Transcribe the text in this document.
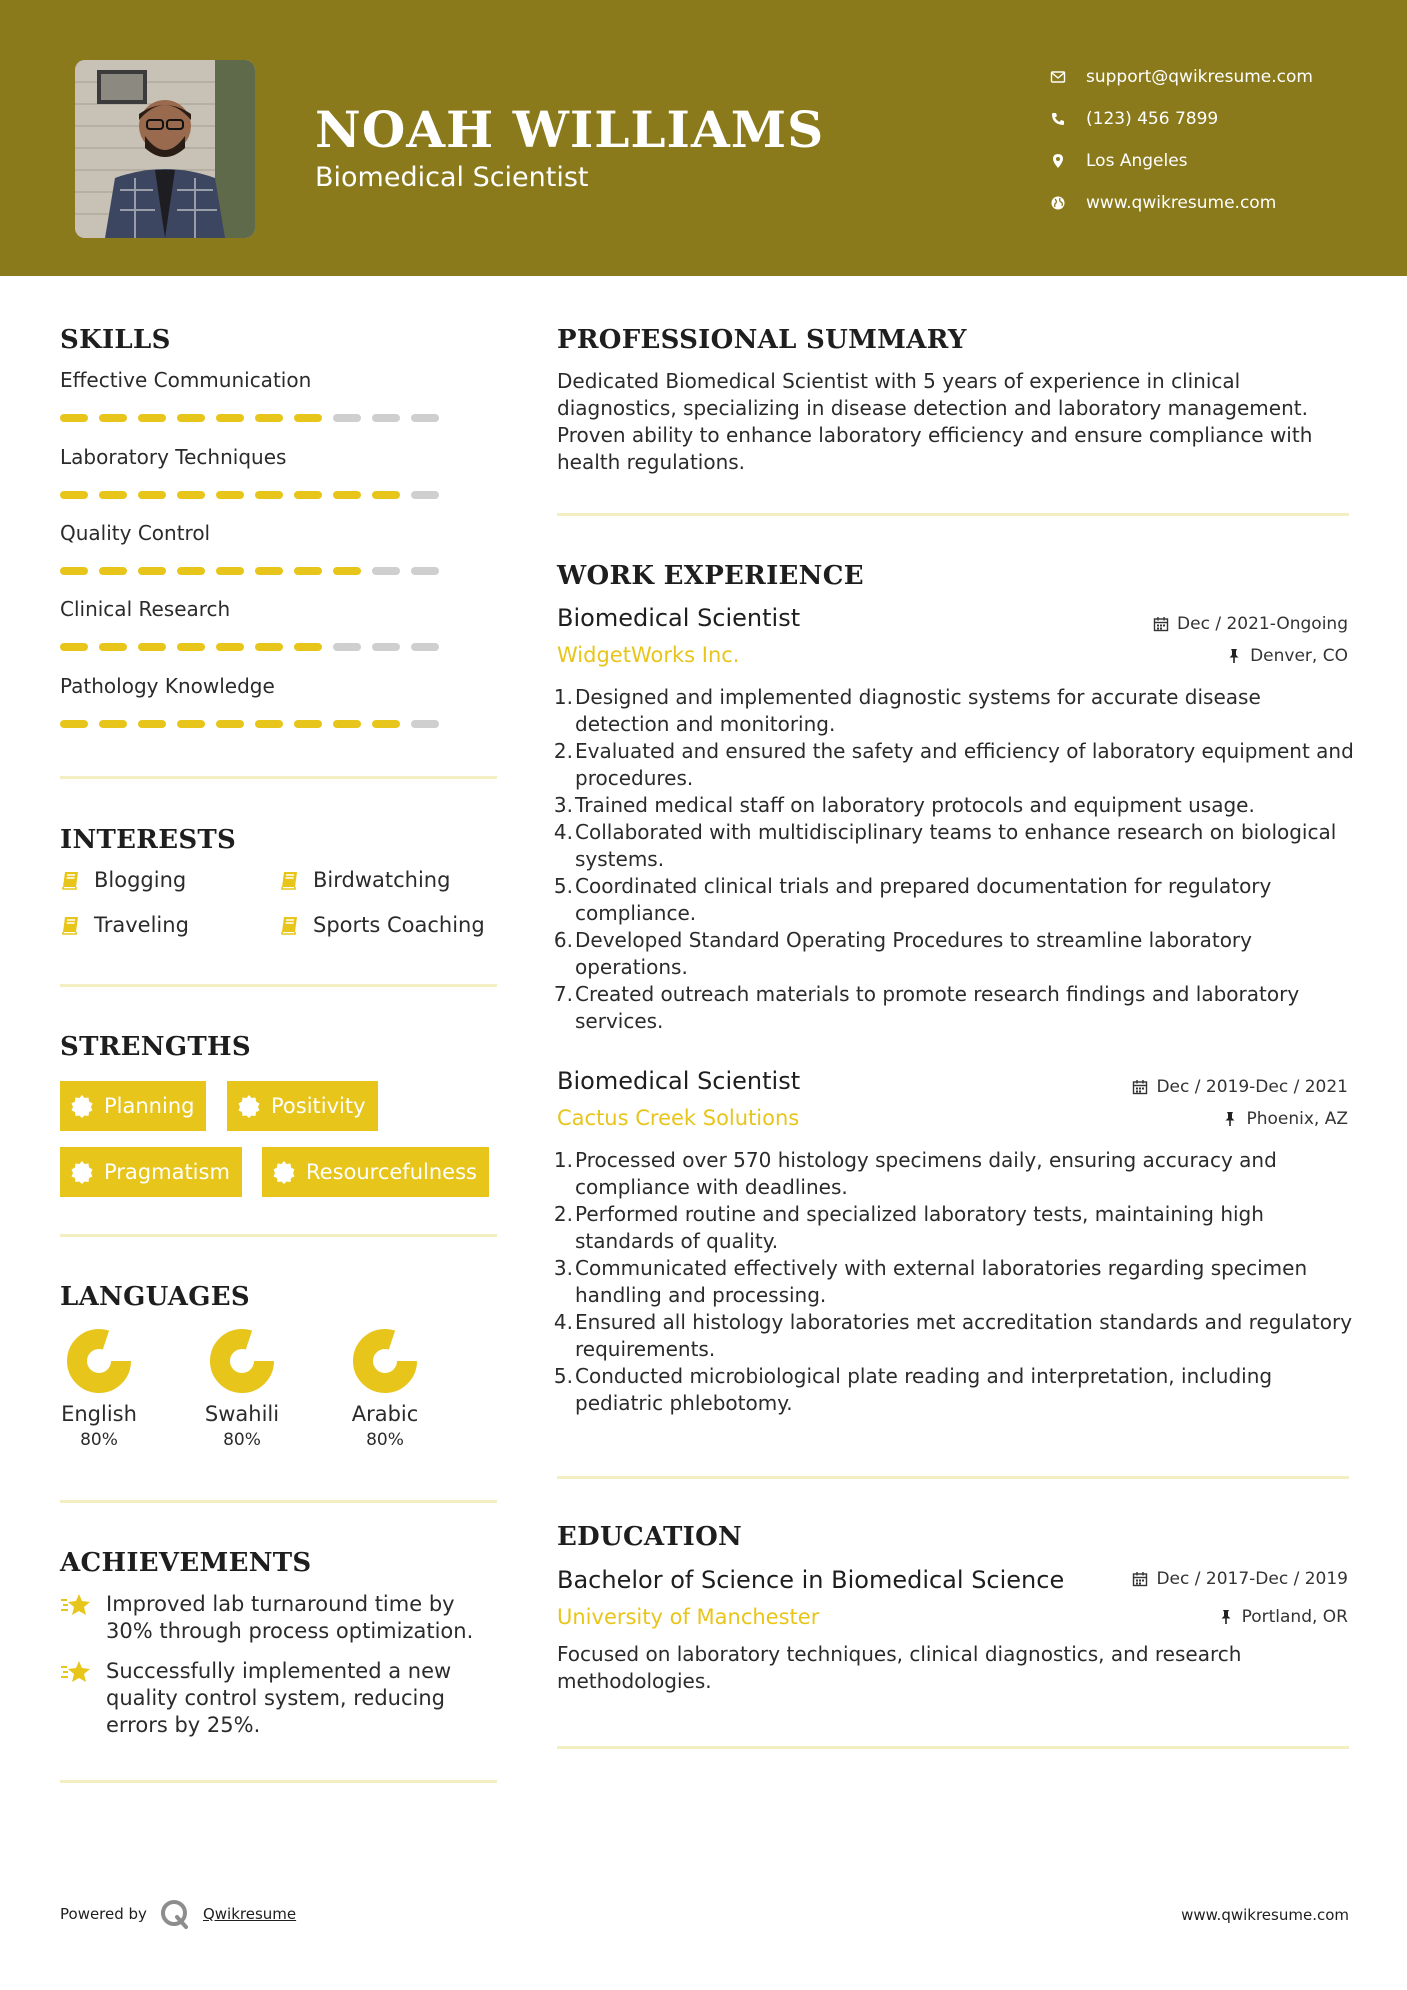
NOAH WILLIAMS
Biomedical Scientist
support@qwikresume.com
(123) 456 7899
Los Angeles
www.qwikresume.com
SKILLS
Effective Communication
Laboratory Techniques
Quality Control
Clinical Research
Pathology Knowledge
INTERESTS
Blogging	Birdwatching
Traveling	Sports Coaching
STRENGTHS
Planning	Positivity
Pragmatism	Resourcefulness
LANGUAGES
English
80%
Swahili
80%
Arabic
80%
ACHIEVEMENTS
Improved lab turnaround time by 30% through process optimization.
Successfully implemented a new quality control system, reducing errors by 25%.
PROFESSIONAL SUMMARY
Dedicated Biomedical Scientist with 5 years of experience in clinical diagnostics, specializing in disease detection and laboratory management. Proven ability to enhance laboratory efficiency and ensure compliance with health regulations.
WORK EXPERIENCE
Biomedical Scientist	Dec / 2021-Ongoing
WidgetWorks Inc.	Denver, CO
1. Designed and implemented diagnostic systems for accurate disease detection and monitoring.
2. Evaluated and ensured the safety and efficiency of laboratory equipment and procedures.
3. Trained medical staff on laboratory protocols and equipment usage.
4. Collaborated with multidisciplinary teams to enhance research on biological systems.
5. Coordinated clinical trials and prepared documentation for regulatory compliance.
6. Developed Standard Operating Procedures to streamline laboratory operations.
7. Created outreach materials to promote research findings and laboratory services.
Biomedical Scientist	Dec / 2019-Dec / 2021
Cactus Creek Solutions	Phoenix, AZ
1. Processed over 570 histology specimens daily, ensuring accuracy and compliance with deadlines.
2. Performed routine and specialized laboratory tests, maintaining high standards of quality.
3. Communicated effectively with external laboratories regarding specimen handling and processing.
4. Ensured all histology laboratories met accreditation standards and regulatory requirements.
5. Conducted microbiological plate reading and interpretation, including pediatric phlebotomy.
EDUCATION
Bachelor of Science in Biomedical Science	Dec / 2017-Dec / 2019
University of Manchester	Portland, OR
Focused on laboratory techniques, clinical diagnostics, and research methodologies.
Powered by	Qwikresume	www.qwikresume.com
